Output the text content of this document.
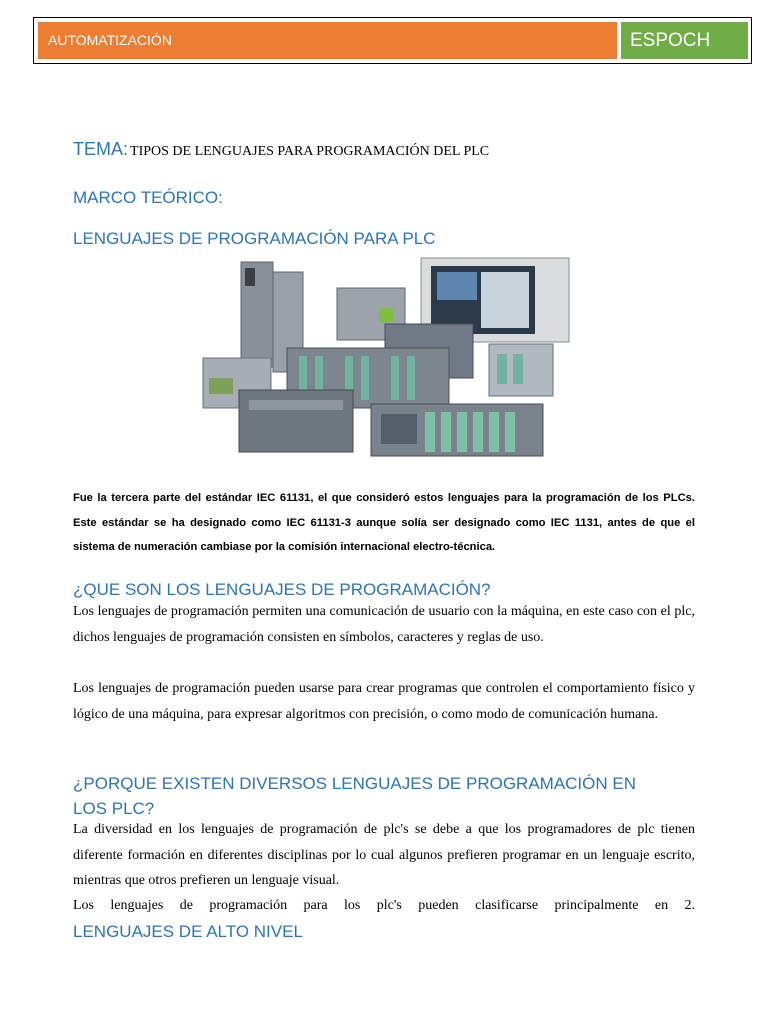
AUTOMATIZACIÓN	ESPOCH
TEMA: TIPOS DE LENGUAJES PARA PROGRAMACIÓN DEL PLC
MARCO TEÓRICO:
LENGUAJES DE PROGRAMACIÓN PARA PLC
Fue la tercera parte del estándar IEC 61131, el que consideró estos lenguajes para la programación de los PLCs. Este estándar se ha designado como IEC 61131-3 aunque solía ser designado como IEC 1131, antes de que el sistema de numeración cambiase por la comisión internacional electro-técnica.
¿QUE SON LOS LENGUAJES DE PROGRAMACIÓN?
Los lenguajes de programación permiten una comunicación de usuario con la máquina, en este caso con el plc, dichos lenguajes de programación consisten en símbolos, caracteres y reglas de uso.
Los lenguajes de programación pueden usarse para crear programas que controlen el comportamiento físico y lógico de una máquina, para expresar algoritmos con precisión, o como modo de comunicación humana.
¿PORQUE EXISTEN DIVERSOS LENGUAJES DE PROGRAMACIÓN EN LOS PLC?
La diversidad en los lenguajes de programación de plc's se debe a que los programadores de plc tienen diferente formación en diferentes disciplinas por lo cual algunos prefieren programar en un lenguaje escrito, mientras que otros prefieren un lenguaje visual.
Los lenguajes de programación para los plc's pueden clasificarse principalmente en 2.
LENGUAJES DE ALTO NIVEL
